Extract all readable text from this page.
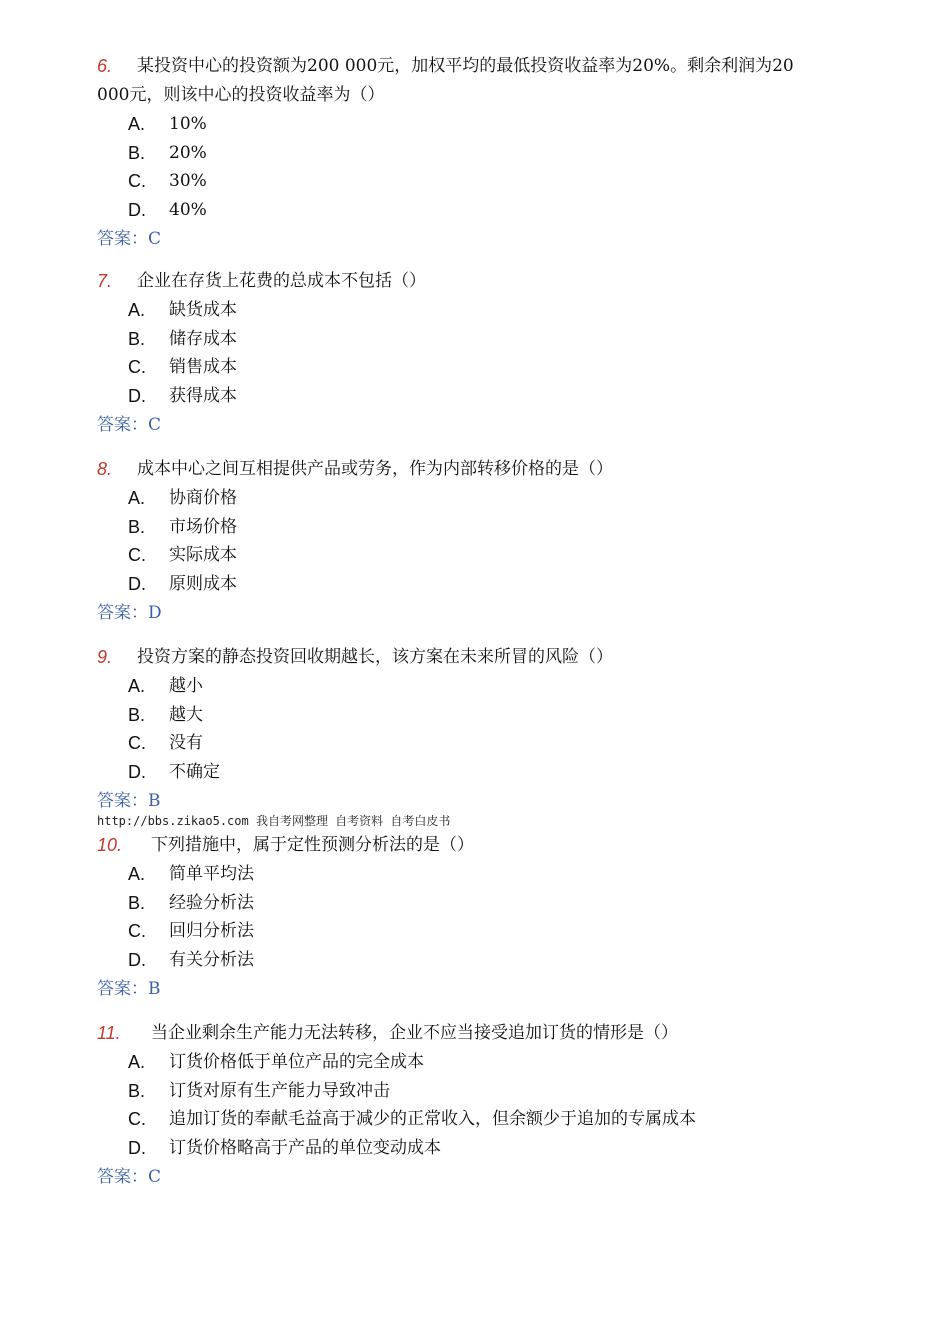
6.	某投资中心的投资额为200 000元，加权平均的最低投资收益率为20%。剩余利润为20
000元，则该中心的投资收益率为（）
A.	10%
B.	20%
C.	30%
D.	40%
答案：C
7.	企业在存货上花费的总成本不包括（）
A.	缺货成本
B.	储存成本
C.	销售成本
D.	获得成本
答案：C
8.	成本中心之间互相提供产品或劳务，作为内部转移价格的是（）
A.	协商价格
B.	市场价格
C.	实际成本
D.	原则成本
答案：D
9.	投资方案的静态投资回收期越长，该方案在未来所冒的风险（）
A.	越小
B.	越大
C.	没有
D.	不确定
答案：B
http://bbs.zikao5.com 我自考网整理 自考资料 自考白皮书
10.	下列措施中，属于定性预测分析法的是（）
A.	简单平均法
B.	经验分析法
C.	回归分析法
D.	有关分析法
答案：B
11.	当企业剩余生产能力无法转移，企业不应当接受追加订货的情形是（）
A.	订货价格低于单位产品的完全成本
B.	订货对原有生产能力导致冲击
C.	追加订货的奉献毛益高于减少的正常收入，但余额少于追加的专属成本
D.	订货价格略高于产品的单位变动成本
答案：C
